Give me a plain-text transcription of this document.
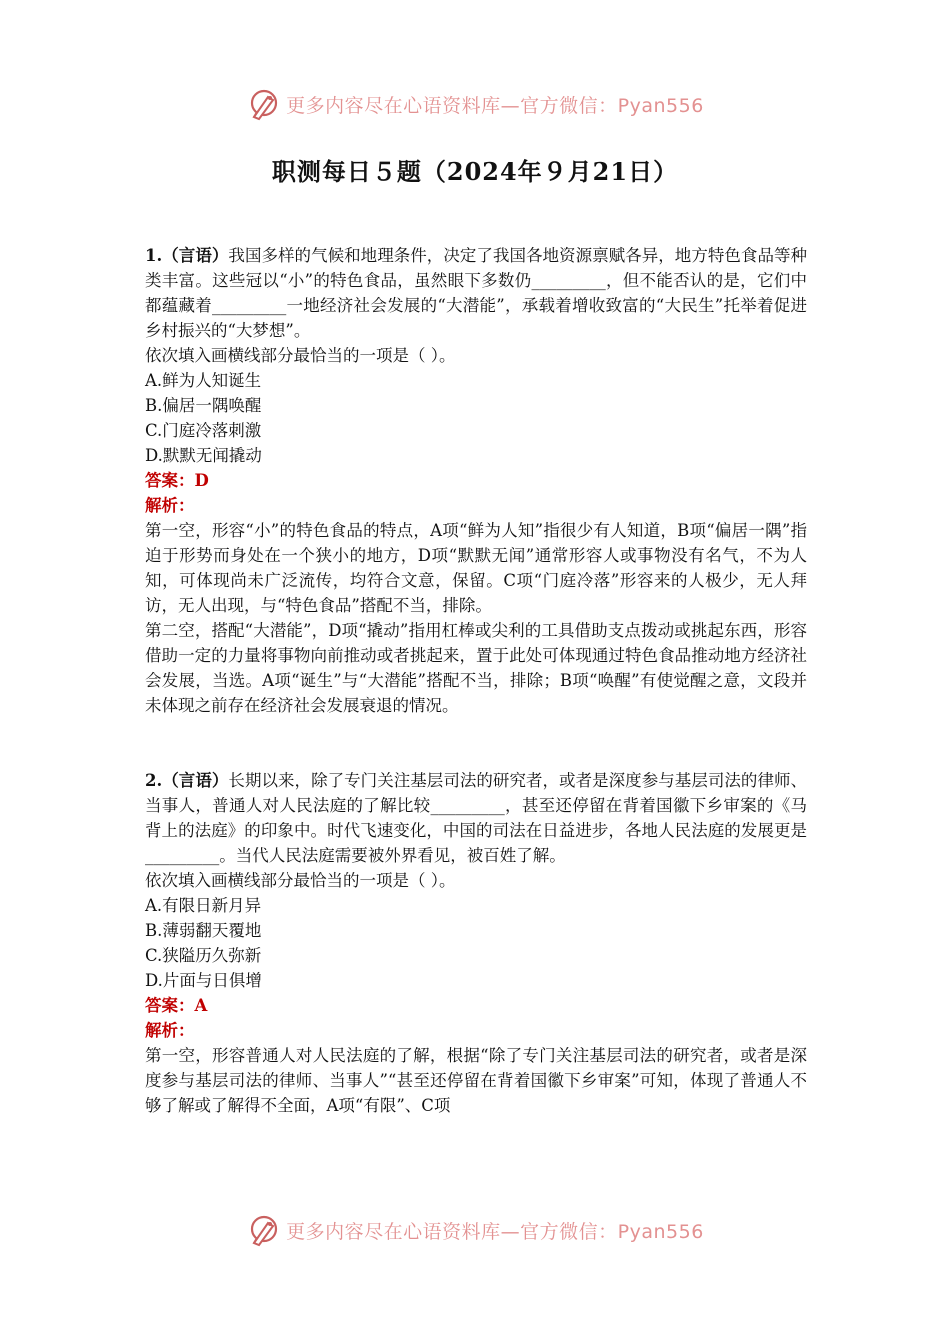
更多内容尽在心语资料库—官方微信：Pyan556
职测每日５题（2024年９月21日）

1.（言语）我国多样的气候和地理条件，决定了我国各地资源禀赋各异，地方特色食品等种类丰富。这些冠以“小”的特色食品，虽然眼下多数仍_________，但不能否认的是，它们中都蕴藏着_________一地经济社会发展的“大潜能”，承载着增收致富的“大民生”托举着促进乡村振兴的“大梦想”。

依次填入画横线部分最恰当的一项是（ ）。

A.鲜为人知诞生

B.偏居一隅唤醒

C.门庭冷落刺激

D.默默无闻撬动

答案：D

解析：

第一空，形容“小”的特色食品的特点，A项“鲜为人知”指很少有人知道，B项“偏居一隅”指迫于形势而身处在一个狭小的地方，D项“默默无闻”通常形容人或事物没有名气，不为人知，可体现尚未广泛流传，均符合文意，保留。C项“门庭冷落”形容来的人极少，无人拜访，无人出现，与“特色食品”搭配不当，排除。

第二空，搭配“大潜能”，D项“撬动”指用杠棒或尖利的工具借助支点拨动或挑起东西，形容借助一定的力量将事物向前推动或者挑起来，置于此处可体现通过特色食品推动地方经济社会发展，当选。A项“诞生”与“大潜能”搭配不当，排除；B项“唤醒”有使觉醒之意，文段并未体现之前存在经济社会发展衰退的情况。

2.（言语）长期以来，除了专门关注基层司法的研究者，或者是深度参与基层司法的律师、当事人，普通人对人民法庭的了解比较_________，甚至还停留在背着国徽下乡审案的《马背上的法庭》的印象中。时代飞速变化，中国的司法在日益进步，各地人民法庭的发展更是_________。当代人民法庭需要被外界看见，被百姓了解。

依次填入画横线部分最恰当的一项是（ ）。

A.有限日新月异

B.薄弱翻天覆地

C.狭隘历久弥新

D.片面与日俱增

答案：A

解析：

第一空，形容普通人对人民法庭的了解，根据“除了专门关注基层司法的研究者，或者是深度参与基层司法的律师、当事人”“甚至还停留在背着国徽下乡审案”可知，体现了普通人不够了解或了解得不全面，A项“有限”、C项

更多内容尽在心语资料库—官方微信：Pyan556
